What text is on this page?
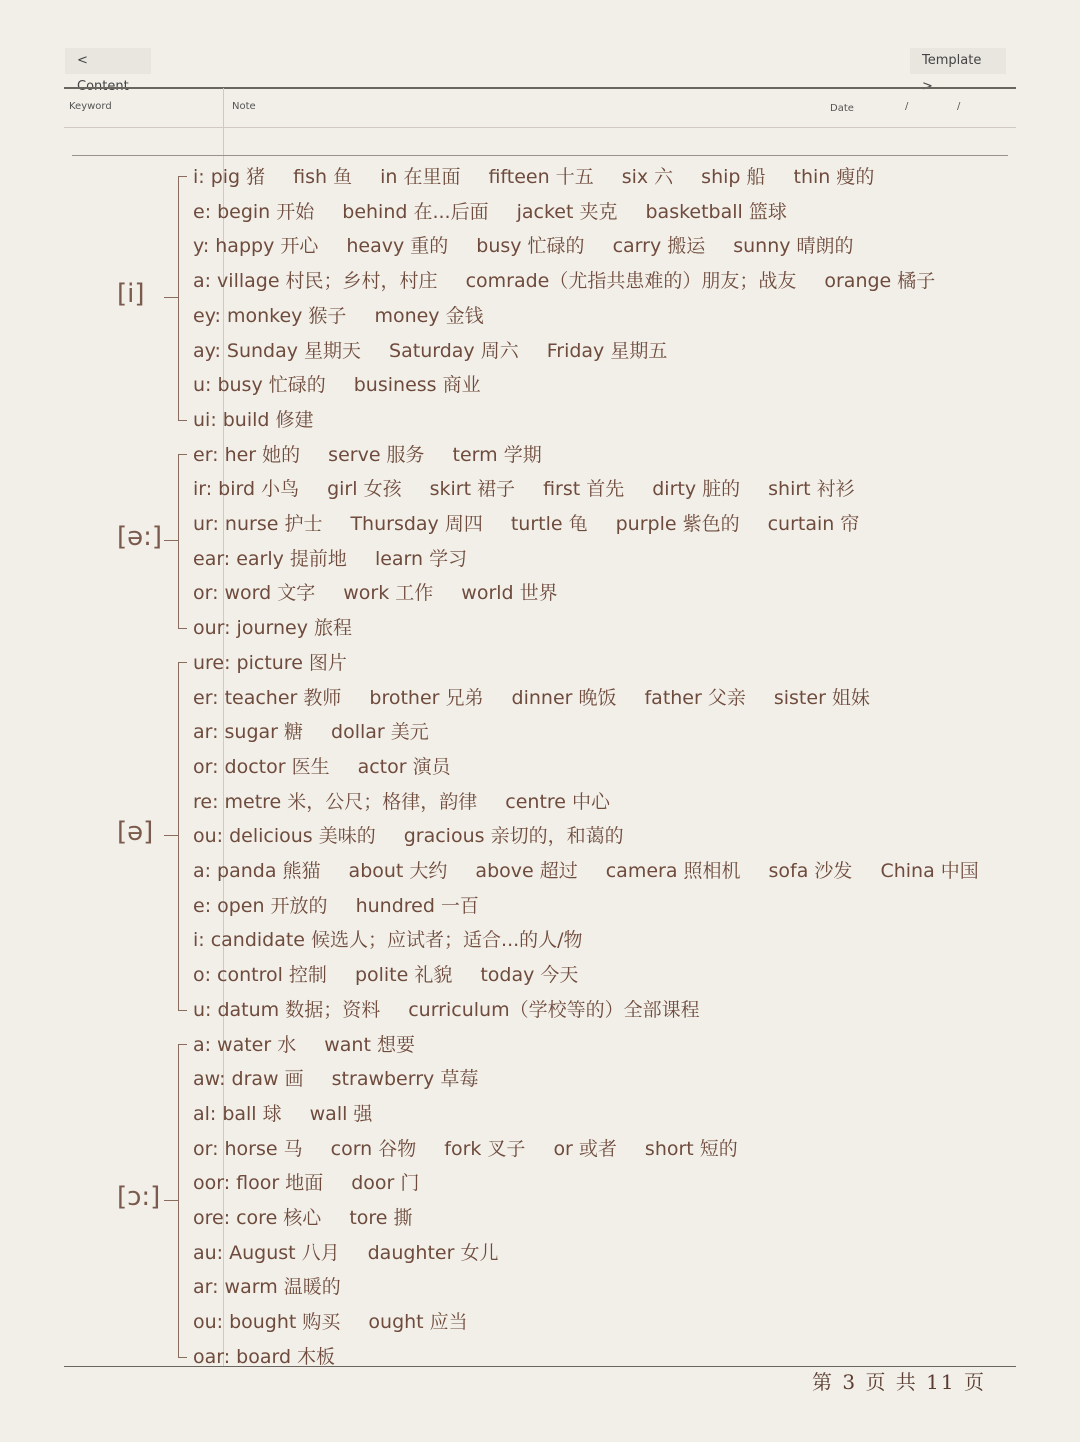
< Content
Template >
Keyword	Note	Date	/	/
[i]
i: pig 猪 fish 鱼 in 在里面 fifteen 十五 six 六 ship 船 thin 瘦的
e: begin 开始 behind 在...后面 jacket 夹克 basketball 篮球
y: happy 开心 heavy 重的 busy 忙碌的 carry 搬运 sunny 晴朗的
a: village 村民；乡村，村庄 comrade（尤指共患难的）朋友；战友 orange 橘子
ey: monkey 猴子 money 金钱
ay: Sunday 星期天 Saturday 周六 Friday 星期五
u: busy 忙碌的 business 商业
ui: build 修建
[ə:]
er: her 她的 serve 服务 term 学期
ir: bird 小鸟 girl 女孩 skirt 裙子 first 首先 dirty 脏的 shirt 衬衫
ur: nurse 护士 Thursday 周四 turtle 龟 purple 紫色的 curtain 帘
ear: early 提前地 learn 学习
or: word 文字 work 工作 world 世界
our: journey 旅程
[ə]
ure: picture 图片
er: teacher 教师 brother 兄弟 dinner 晚饭 father 父亲 sister 姐妹
ar: sugar 糖 dollar 美元
or: doctor 医生 actor 演员
re: metre 米，公尺；格律，韵律 centre 中心
ou: delicious 美味的 gracious 亲切的，和蔼的
a: panda 熊猫 about 大约 above 超过 camera 照相机 sofa 沙发 China 中国
e: open 开放的 hundred 一百
i: candidate 候选人；应试者；适合...的人/物
o: control 控制 polite 礼貌 today 今天
u: datum 数据；资料 curriculum（学校等的）全部课程
[ɔ:]
a: water 水 want 想要
aw: draw 画 strawberry 草莓
al: ball 球 wall 强
or: horse 马 corn 谷物 fork 叉子 or 或者 short 短的
oor: floor 地面 door 门
ore: core 核心 tore 撕
au: August 八月 daughter 女儿
ar: warm 温暖的
ou: bought 购买 ought 应当
oar: board 木板
第 3 页 共 11 页
